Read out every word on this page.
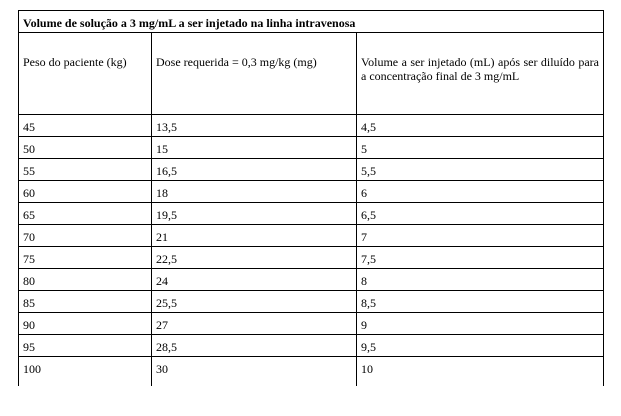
Volume de solução a 3 mg/mL a ser injetado na linha intravenosa
Peso do paciente (kg)	Dose requerida = 0,3 mg/kg (mg)	Volume a ser injetado (mL) após ser diluído para a concentração final de 3 mg/mL
45	13,5	4,5
50	15	5
55	16,5	5,5
60	18	6
65	19,5	6,5
70	21	7
75	22,5	7,5
80	24	8
85	25,5	8,5
90	27	9
95	28,5	9,5
100	30	10
